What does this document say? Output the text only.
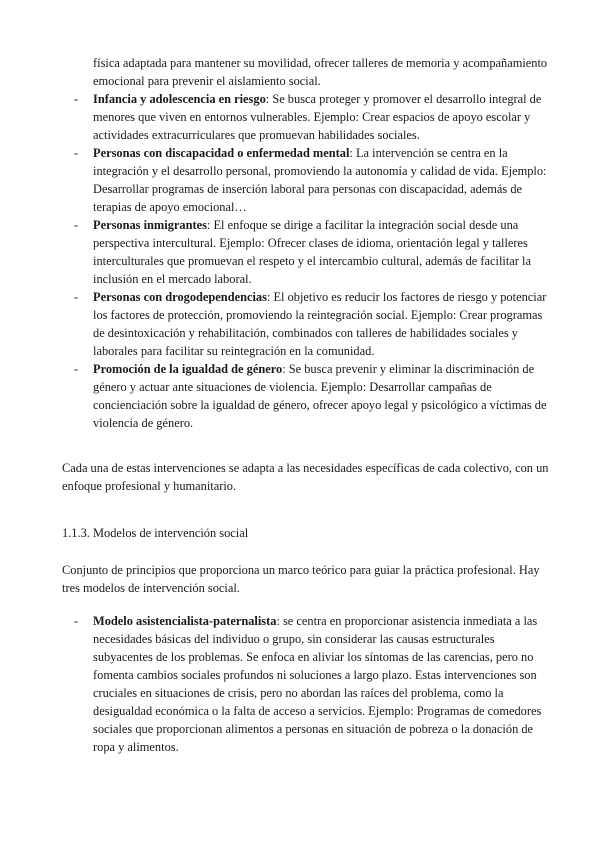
física adaptada para mantener su movilidad, ofrecer talleres de memoria y acompañamiento emocional para prevenir el aislamiento social.

- Infancia y adolescencia en riesgo: Se busca proteger y promover el desarrollo integral de menores que viven en entornos vulnerables. Ejemplo: Crear espacios de apoyo escolar y actividades extracurriculares que promuevan habilidades sociales.
- Personas con discapacidad o enfermedad mental: La intervención se centra en la integración y el desarrollo personal, promoviendo la autonomía y calidad de vida. Ejemplo: Desarrollar programas de inserción laboral para personas con discapacidad, además de terapias de apoyo emocional…
- Personas inmigrantes: El enfoque se dirige a facilitar la integración social desde una perspectiva intercultural. Ejemplo: Ofrecer clases de idioma, orientación legal y talleres interculturales que promuevan el respeto y el intercambio cultural, además de facilitar la inclusión en el mercado laboral.
- Personas con drogodependencias: El objetivo es reducir los factores de riesgo y potenciar los factores de protección, promoviendo la reintegración social. Ejemplo: Crear programas de desintoxicación y rehabilitación, combinados con talleres de habilidades sociales y laborales para facilitar su reintegración en la comunidad.
- Promoción de la igualdad de género: Se busca prevenir y eliminar la discriminación de género y actuar ante situaciones de violencia. Ejemplo: Desarrollar campañas de concienciación sobre la igualdad de género, ofrecer apoyo legal y psicológico a víctimas de violencia de género.

Cada una de estas intervenciones se adapta a las necesidades específicas de cada colectivo, con un enfoque profesional y humanitario.

1.1.3. Modelos de intervención social

Conjunto de principios que proporciona un marco teórico para guiar la práctica profesional. Hay tres modelos de intervención social.

- Modelo asistencialista-paternalista: se centra en proporcionar asistencia inmediata a las necesidades básicas del individuo o grupo, sin considerar las causas estructurales subyacentes de los problemas. Se enfoca en aliviar los síntomas de las carencias, pero no fomenta cambios sociales profundos ni soluciones a largo plazo. Estas intervenciones son cruciales en situaciones de crisis, pero no abordan las raíces del problema, como la desigualdad económica o la falta de acceso a servicios. Ejemplo: Programas de comedores sociales que proporcionan alimentos a personas en situación de pobreza o la donación de ropa y alimentos.
